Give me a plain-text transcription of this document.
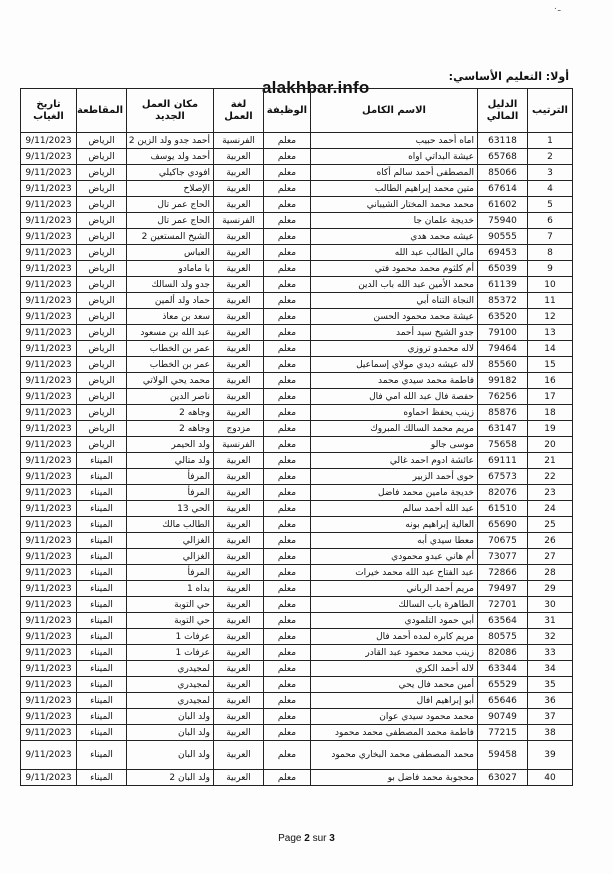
ـ٠
alakhbar.info
أولا: التعليم الأساسي:
الترتيب	الدليل المالي	الاسم الكامل	الوظيفة	لغة العمل	مكان العمل الجديد	المقاطعة	تاريخ الغياب
1	63118	اماه أحمد حبيب	معلم	الفرنسية	أحمد جدو ولد الزين 2	الرياض	9/11/2023
2	65768	عيشة البداتي اواه	معلم	العربية	أحمد ولد يوسف	الرياض	9/11/2023
3	85066	المصطفى أحمد سالم أكاه	معلم	العربية	افودي جاكيلي	الرياض	9/11/2023
4	67614	متين محمد إبراهيم الطالب	معلم	العربية	الإصلاح	الرياض	9/11/2023
5	61602	محمد محمد المختار الشيباني	معلم	العربية	الحاج عمر تال	الرياض	9/11/2023
6	75940	خديجة علمان جا	معلم	الفرنسية	الحاج عمر تال	الرياض	9/11/2023
7	90555	عيشه محمد هدي	معلم	العربية	الشيخ المستعين 2	الرياض	9/11/2023
8	69453	مالي الطالب عبد الله	معلم	العربية	العباس	الرياض	9/11/2023
9	65039	أم كلثوم محمد محمود فتي	معلم	العربية	با مامادو	الرياض	9/11/2023
10	61139	محمد الأمين عبد الله باب الدين	معلم	العربية	جدو ولد السالك	الرياض	9/11/2023
11	85372	النجاة التناه أبي	معلم	العربية	حماد ولد ألمين	الرياض	9/11/2023
12	63520	عيشة محمد محمود الحسن	معلم	العربية	سعد بن معاذ	الرياض	9/11/2023
13	79100	جدو الشيخ سيد أحمد	معلم	العربية	عبد الله بن مسعود	الرياض	9/11/2023
14	79464	لاله محمدو تروزي	معلم	العربية	عمر بن الخطاب	الرياض	9/11/2023
15	85560	لاله عيشه ديدي مولاي إسماعيل	معلم	العربية	عمر بن الخطاب	الرياض	9/11/2023
16	99182	فاطمة محمد سيدي محمد	معلم	العربية	محمد يحي الولاتي	الرياض	9/11/2023
17	76256	حفصة فال عبد الله امي فال	معلم	العربية	ناصر الدين	الرياض	9/11/2023
18	85876	زينب يحفظ احماوه	معلم	العربية	وجاهه 2	الرياض	9/11/2023
19	63147	مريم محمد السالك المبروك	معلم	مزدوج	وجاهه 2	الرياض	9/11/2023
20	75658	موسى جالو	معلم	الفرنسية	ولد الحيمر	الرياض	9/11/2023
21	69111	عائشة ادوم احمد غالي	معلم	العربية	ولد متالي	الميناء	9/11/2023
22	67573	حوى أحمد الزبير	معلم	العربية	المرفأ	الميناء	9/11/2023
23	82076	خديجة مامين محمد فاضل	معلم	العربية	المرفأ	الميناء	9/11/2023
24	61510	عبد الله أحمد سالم	معلم	العربية	الحي 13	الميناء	9/11/2023
25	65690	العالية إبراهيم بونه	معلم	العربية	الطالب مالك	الميناء	9/11/2023
26	70675	معطا سيدي أبه	معلم	العربية	الغزالي	الميناء	9/11/2023
27	73077	أم هاني عبدو محمودي	معلم	العربية	الغزالي	الميناء	9/11/2023
28	72866	عبد الفتاح عبد الله محمد خيرات	معلم	العربية	المرفأ	الميناء	9/11/2023
29	79497	مريم أحمد الرباني	معلم	العربية	بداه 1	الميناء	9/11/2023
30	72701	الطاهرة باب السالك	معلم	العربية	حي التوبة	الميناء	9/11/2023
31	63564	أبي حمود التلمودي	معلم	العربية	حي التوبة	الميناء	9/11/2023
32	80575	مريم كابره لمده أحمد فال	معلم	العربية	عرفات 1	الميناء	9/11/2023
33	82086	زينب محمد محمود عبد القادر	معلم	العربية	عرفات 1	الميناء	9/11/2023
34	63344	لاله أحمد الكري	معلم	العربية	لمجيدري	الميناء	9/11/2023
35	65529	أمين محمد فال يحي	معلم	العربية	لمجيدري	الميناء	9/11/2023
36	65646	أبو إبراهيم افال	معلم	العربية	لمجيدري	الميناء	9/11/2023
37	90749	محمد محمود سيدي عوان	معلم	العربية	ولد البان	الميناء	9/11/2023
38	77215	فاطمة محمد المصطفى محمد محمود	معلم	العربية	ولد البان	الميناء	9/11/2023
39	59458	محمد المصطفى محمد البخاري محمود	معلم	العربية	ولد البان	الميناء	9/11/2023
40	63027	محجوبة محمد فاضل بو	معلم	العربية	ولد البان 2	الميناء	9/11/2023
Page 2 sur 3
